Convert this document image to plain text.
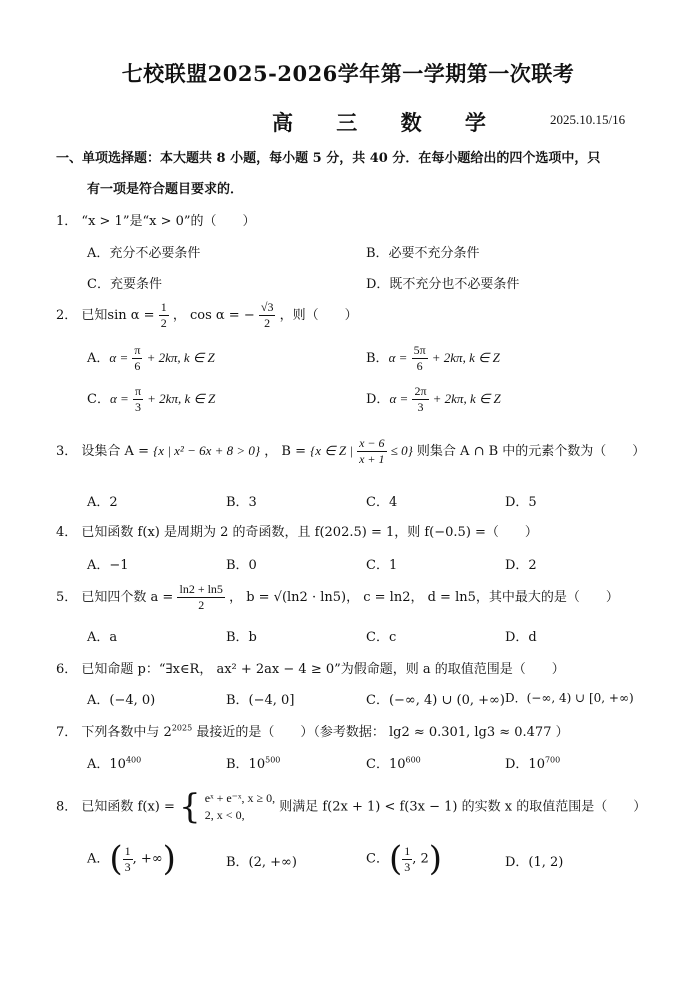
七校联盟2025-2026学年第一学期第一次联考
高 三 数 学	2025.10.15/16
一、单项选择题：本大题共 8 小题，每小题 5 分，共 40 分．在每小题给出的四个选项中，只
有一项是符合题目要求的．
1． “x > 1”是“x > 0”的（　　）
A．充分不必要条件	B．必要不充分条件
C．充要条件	D．既不充分也不必要条件
2． 已知$\sin \alpha = \frac{1}{2}$ ， cos α = − $\frac{√3}{2}$ ，则（　　）
A．$\alpha = \frac{\pi}{6} + 2k\pi$, k ∈ Z	B．$\alpha = \frac{5\pi}{6} + 2k\pi$, k ∈ Z
C．$\alpha = \frac{\pi}{3} + 2k\pi$, k ∈ Z	D．$\alpha = \frac{2\pi}{3} + 2k\pi$, k ∈ Z
3． 设集合 A = {x | x² − 6x + 8 > 0} ， B = {x ∈ Z | $\frac{x - 6}{x + 1} \le 0$} 则集合 A ∩ B 中的元素个数为（　　）
A．2	B．3	C．4	D．5
4． 已知函数 f(x) 是周期为 2 的奇函数，且 f(202.5) = 1，则 f(−0.5) =（　　）
A．−1	B．0	C．1	D．2
5． 已知四个数 $a = \frac{\ln 2 + \ln 5}{2}$ ， b = √(ln2 · ln5)， c = ln2， d = ln5，其中最大的是（　　）
A．a	B．b	C．c	D．d
6． 已知命题 p：“∃x∈R， ax² + 2ax − 4 ≥ 0”为假命题，则 a 的取值范围是（　　）
A．(−4, 0)	B．(−4, 0]	C．(−∞, 4) ∪ (0, +∞) D．(−∞, 4) ∪ [0, +∞)
7． 下列各数中与 $2^{2025}$ 最接近的是（　　）（参考数据： lg2 ≈ 0.301, lg3 ≈ 0.477 ）
A．$10^{400}$	B．$10^{500}$	C．$10^{600}$	D．$10^{700}$
8． 已知函数 f(x) = { eˣ + e⁻ˣ, x ≥ 0,
2, x < 0,
则满足 f(2x + 1) < f(3x − 1) 的实数 x 的取值范围是（　　）
A．( $\frac{1}{3}$ , +∞)	B．(2, +∞)	C．( $\frac{1}{3}$ , 2)	D．(1, 2)
